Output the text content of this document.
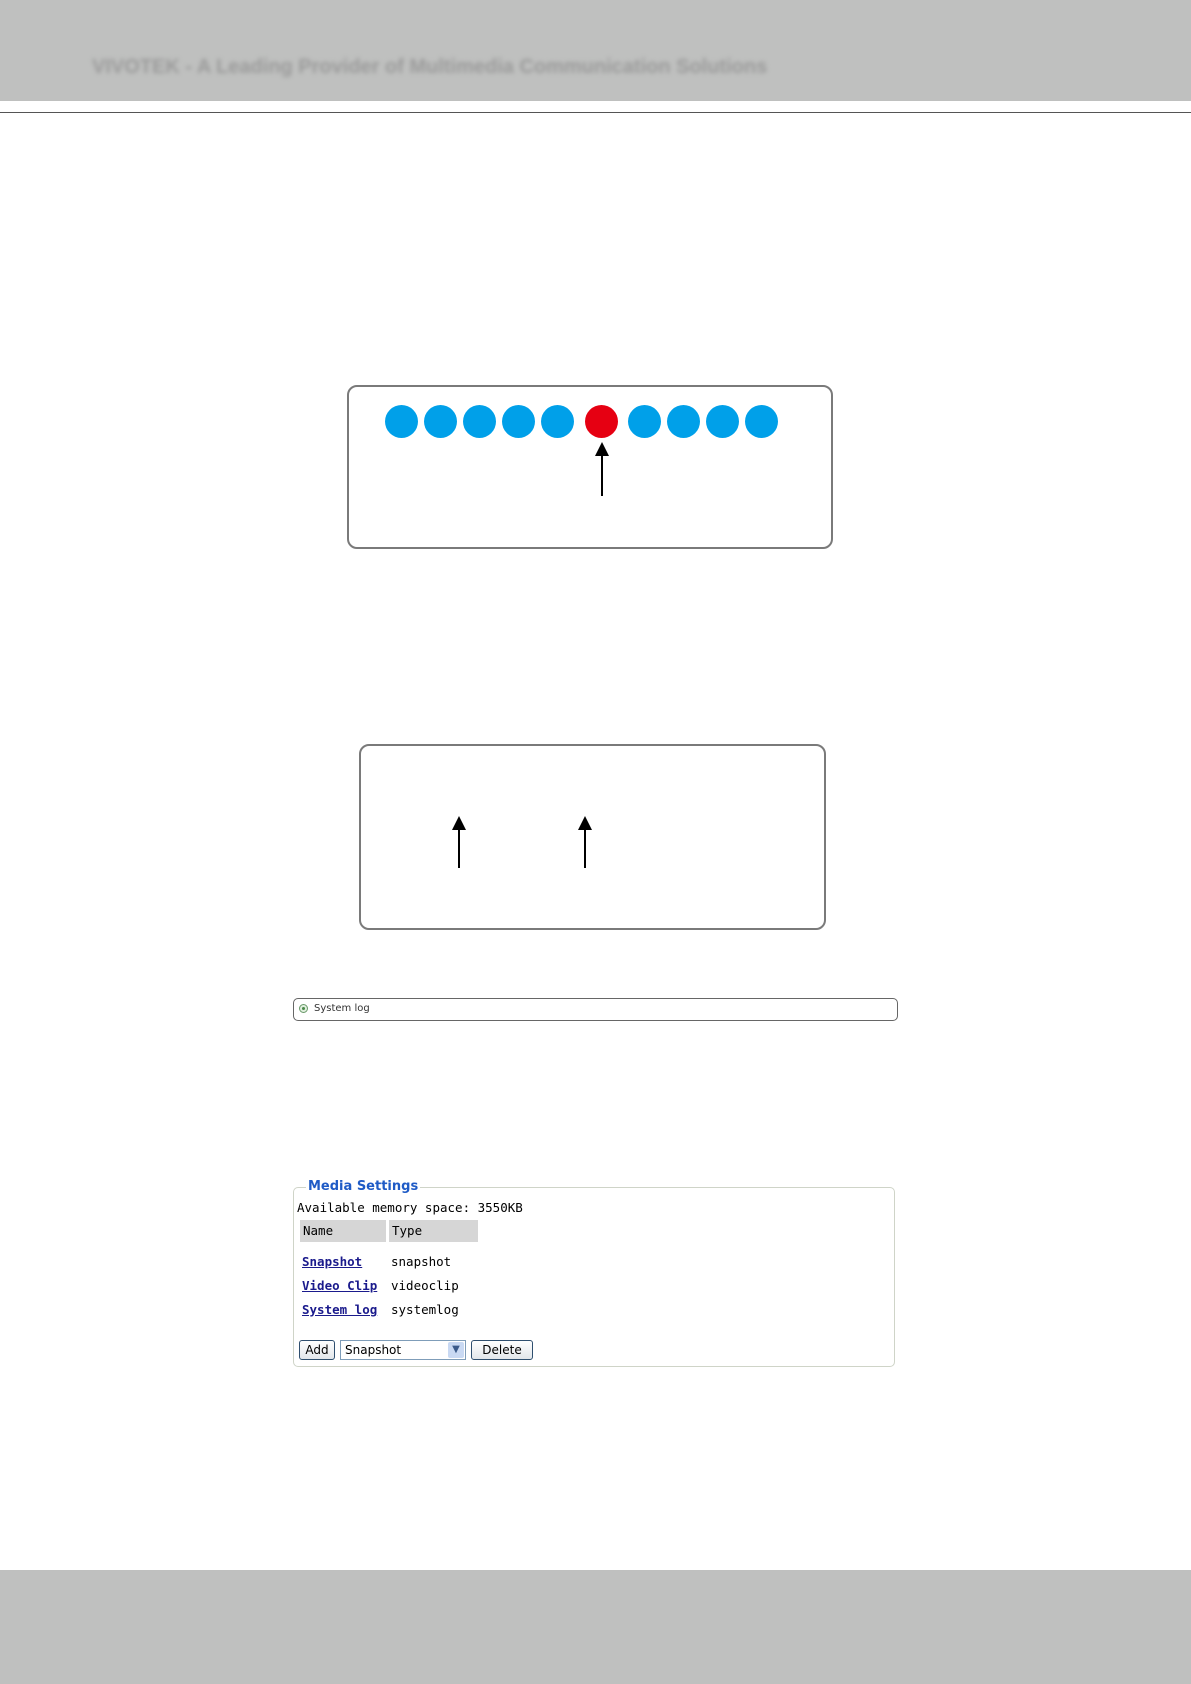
VIVOTEK - A Leading Provider of Multimedia Communication Solutions
System log
Media Settings
Available memory space: 3550KB
Name	Type
Snapshot snapshot
Video Clip videoclip
System log systemlog
Add	Snapshot	▼	Delete
